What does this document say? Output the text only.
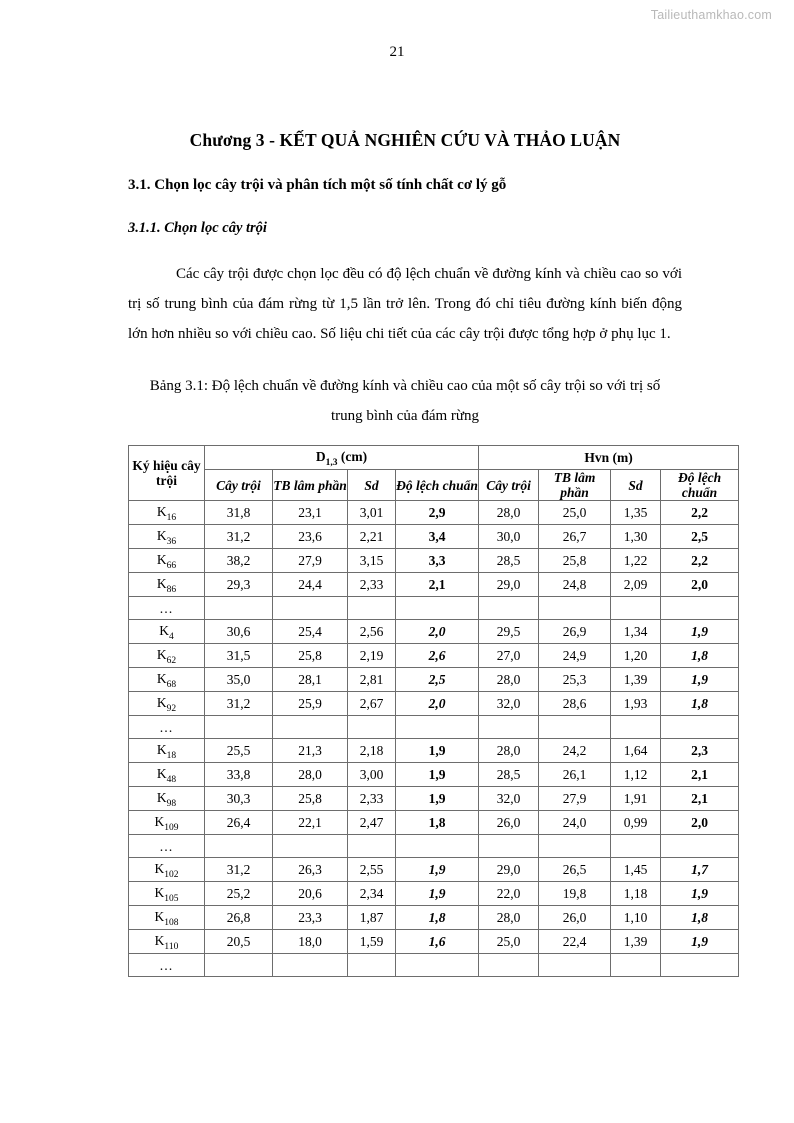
Tailieuthamkhao.com
21
Chương 3 - KẾT QUẢ NGHIÊN CỨU VÀ THẢO LUẬN
3.1. Chọn lọc cây trội và phân tích một số tính chất cơ lý gỗ
3.1.1. Chọn lọc cây trội

Các cây trội được chọn lọc đều có độ lệch chuẩn về đường kính và chiều cao so với trị số trung bình của đám rừng từ 1,5 lần trở lên. Trong đó chỉ tiêu đường kính biến động lớn hơn nhiều so với chiều cao. Số liệu chi tiết của các cây trội được tổng hợp ở phụ lục 1.

Bảng 3.1: Độ lệch chuẩn về đường kính và chiều cao của một số cây trội so với trị số trung bình của đám rừng
Ký hiệu cây trội	$D_{1,3}$ (cm)				Hvn (m)			
	Cây trội	TB lâm phần	Sd	Độ lệch chuẩn	Cây trội	TB lâm phần	Sd	Độ lệch chuẩn
$K_{16}$	31,8	23,1	3,01	2,9	28,0	25,0	1,35	2,2
$K_{36}$	31,2	23,6	2,21	3,4	30,0	26,7	1,30	2,5
$K_{66}$	38,2	27,9	3,15	3,3	28,5	25,8	1,22	2,2
$K_{86}$	29,3	24,4	2,33	2,1	29,0	24,8	2,09	2,0
…								
$K_4$	30,6	25,4	2,56	2,0	29,5	26,9	1,34	1,9
$K_{62}$	31,5	25,8	2,19	2,6	27,0	24,9	1,20	1,8
$K_{68}$	35,0	28,1	2,81	2,5	28,0	25,3	1,39	1,9
$K_{92}$	31,2	25,9	2,67	2,0	32,0	28,6	1,93	1,8
…								
$K_{18}$	25,5	21,3	2,18	1,9	28,0	24,2	1,64	2,3
$K_{48}$	33,8	28,0	3,00	1,9	28,5	26,1	1,12	2,1
$K_{98}$	30,3	25,8	2,33	1,9	32,0	27,9	1,91	2,1
$K_{109}$	26,4	22,1	2,47	1,8	26,0	24,0	0,99	2,0
…								
$K_{102}$	31,2	26,3	2,55	1,9	29,0	26,5	1,45	1,7
$K_{105}$	25,2	20,6	2,34	1,9	22,0	19,8	1,18	1,9
$K_{108}$	26,8	23,3	1,87	1,8	28,0	26,0	1,10	1,8
$K_{110}$	20,5	18,0	1,59	1,6	25,0	22,4	1,39	1,9
…								
